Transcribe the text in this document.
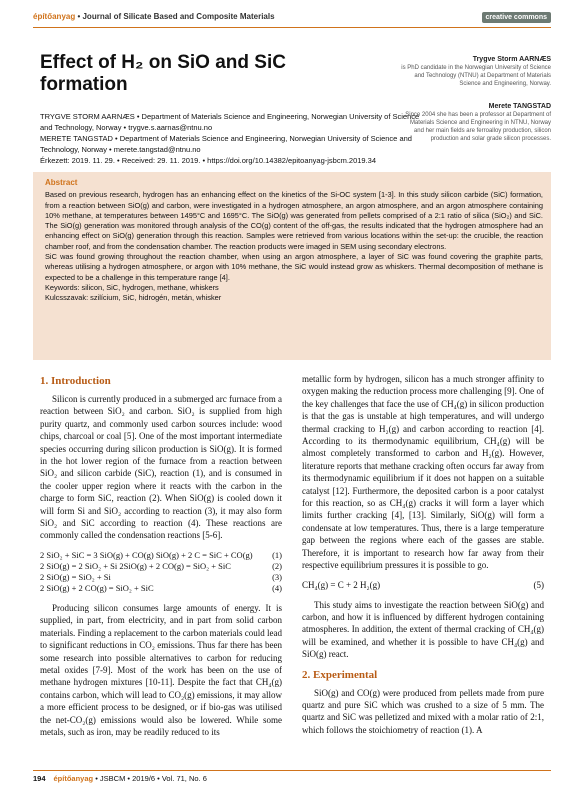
építőanyag • Journal of Silicate Based and Composite Materials	creative commons
Effect of H₂ on SiO and SiC formation
TRYGVE STORM AARNÆS • Department of Materials Science and Engineering, Norwegian University of Science and Technology, Norway • trygve.s.aarnas@ntnu.no
MERETE TANGSTAD • Department of Materials Science and Engineering, Norwegian University of Science and Technology, Norway • merete.tangstad@ntnu.no
Érkezett: 2019. 11. 29. • Received: 29. 11. 2019. • https://doi.org/10.14382/epitoanyag-jsbcm.2019.34
Trygve Storm AARNÆS
is PhD candidate in the Norwegian University of Science and Technology (NTNU) at Department of Materials Science and Engineering, Norway.
Merete TANGSTAD
Since 2004 she has been a professor at Department of Materials Science and Engineering in NTNU, Norway and her main fields are ferroalloy production, silicon production and solar grade silicon processes.
Abstract

Based on previous research, hydrogen has an enhancing effect on the kinetics of the Si-OC system [1-3]. In this study silicon carbide (SiC) formation, from a reaction between SiO(g) and carbon, were investigated in a hydrogen atmosphere, an argon atmosphere, and an argon atmosphere containing 10% methane, at temperatures between 1495°C and 1695°C. The SiO(g) was generated from pellets comprised of a 2:1 ratio of silica (SiO₂) and SiC. The SiO(g) generation was monitored through analysis of the CO(g) content of the off-gas, the results indicated that the hydrogen atmosphere had an enhancing effect on SiO(g) generation through this reaction. Samples were retrieved from various locations within the set-up: the crucible, the reaction chamber roof, and from the condensation chamber. The reaction products were imaged in SEM using secondary electrons.

SiC was found growing throughout the reaction chamber, when using an argon atmosphere, a layer of SiC was found covering the graphite parts, whereas utilising a hydrogen atmosphere, or argon with 10% methane, the SiC would instead grow as whiskers. Thermal decomposition of methane is expected to be a challenge in this temperature range [4].

Keywords: silicon, SiC, hydrogen, methane, whiskers

Kulcsszavak: szilícium, SiC, hidrogén, metán, whisker

1. Introduction

Silicon is currently produced in a submerged arc furnace from a reaction between SiO₂ and carbon. SiO₂ is supplied from high purity quartz, and commonly used carbon sources include: wood chips, charcoal or coal [5]. One of the most important intermediate species occurring during silicon production is SiO(g). It is formed in the hot lower region of the furnace from a reaction between SiO₂ and silicon carbide (SiC), reaction (1), and is consumed in the cooler upper region where it reacts with the carbon in the charge to form SiC, reaction (2). When SiO(g) is cooled down it will form Si and SiO₂ according to reaction (3), it may also form SiO₂ and SiC according to reaction (4). These reactions are commonly called the condensation reactions [5-6].

2 SiO₂ + SiC = 3 SiO(g) + CO(g) SiO(g) + 2 C = SiC + CO(g) (1)
2 SiO(g) = 2 SiO₂ + Si 2SiO(g) + 2 CO(g) = SiO₂ + SiC	(2)
2 SiO(g) = SiO₂ + Si	(3)
2 SiO(g) + 2 CO(g) = SiO₂ + SiC	(4)

Producing silicon consumes large amounts of energy. It is supplied, in part, from electricity, and in part from solid carbon materials. Finding a replacement to the carbon materials could lead to significant reductions in CO₂ emissions. Thus far there has been some research into possible alternatives to carbon for reducing metal oxides [7-9]. Most of the work has been on the use of methane hydrogen mixtures [10-11]. Despite the fact that CH₄(g) contains carbon, which will lead to CO₂(g) emissions, it may allow a more efficient process to be designed, or if bio-gas was utilised the net-CO₂(g) emissions would also be lowered. While some metals, such as iron, may be readily reduced to its

metallic form by hydrogen, silicon has a much stronger affinity to oxygen making the reduction process more challenging [9]. One of the key challenges that face the use of CH₄(g) in silicon production is that the gas is unstable at high temperatures, and will undergo thermal cracking to H₂(g) and carbon according to reaction [4]. According to its thermodynamic equilibrium, CH₄(g) will be almost completely transformed to carbon and H₂(g). However, literature reports that methane cracking often occurs far away from its thermodynamic equilibrium if it does not happen on a suitable catalyst [12]. Furthermore, the deposited carbon is a poor catalyst for this reaction, so as CH₄(g) cracks it will form a layer which limits further cracking [4], [13]. Similarly, SiO(g) will form a condensate at low temperatures. Thus, there is a large temperature gap between the regions where each of the gasses are stable. Therefore, it is important to research how far away from their respective equilibrium pressures it is possible to go.

CH₄(g) = C + 2 H₂(g)	(5)

This study aims to investigate the reaction between SiO(g) and carbon, and how it is influenced by different hydrogen containing atmospheres. In addition, the extent of thermal cracking of CH₄(g) will be examined, and whether it is possible to have CH₄(g) and SiO(g) react.

2. Experimental

SiO(g) and CO(g) were produced from pellets made from pure quartz and pure SiC which was crushed to a size of 5 mm. The quartz and SiC was pelletized and mixed with a molar ratio of 2:1, which follows the stoichiometry of reaction (1). A

194 építőanyag • JSBCM • 2019/6 • Vol. 71, No. 6
